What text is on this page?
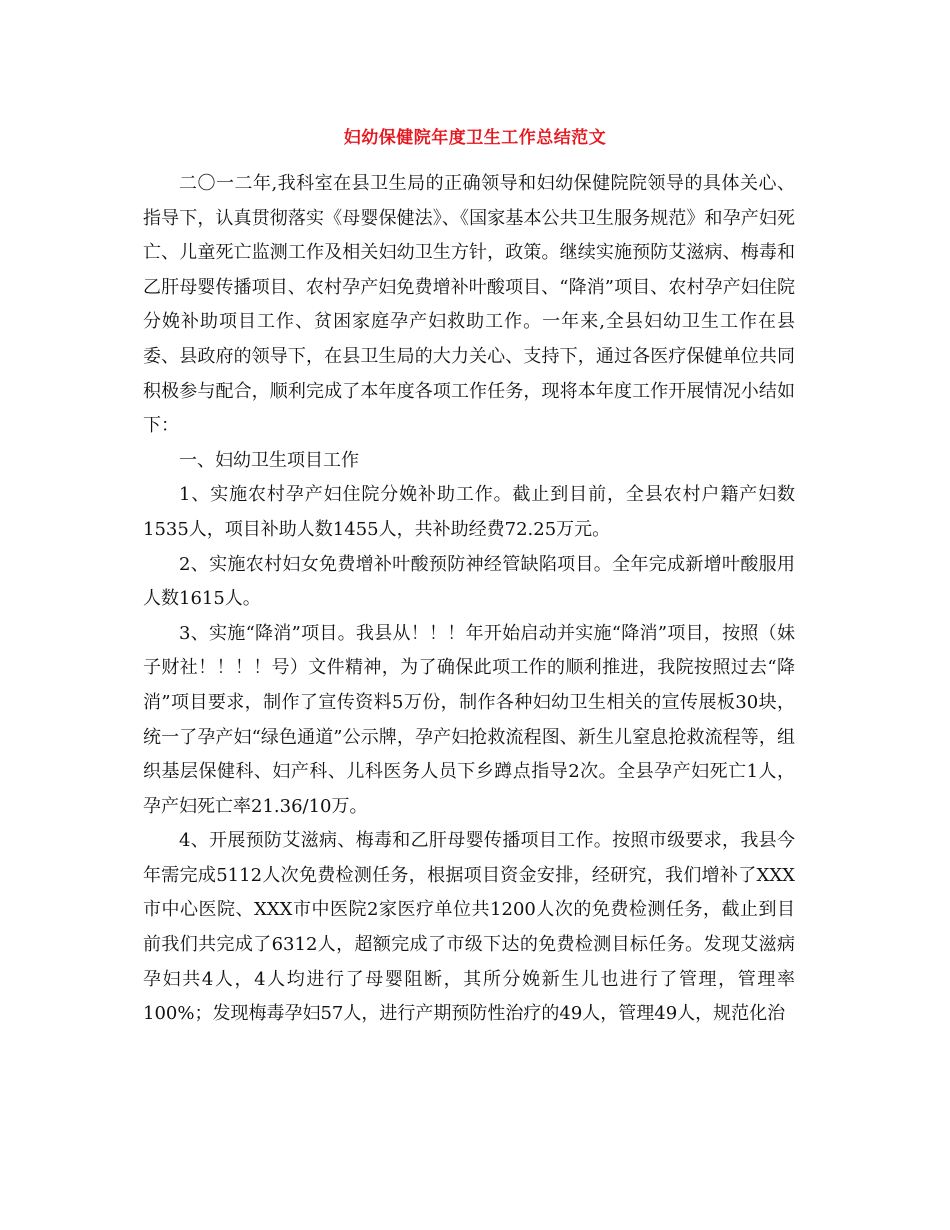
妇幼保健院年度卫生工作总结范文

二〇一二年,我科室在县卫生局的正确领导和妇幼保健院院领导的具体关心、指导下，认真贯彻落实《母婴保健法》、《国家基本公共卫生服务规范》和孕产妇死亡、儿童死亡监测工作及相关妇幼卫生方针，政策。继续实施预防艾滋病、梅毒和乙肝母婴传播项目、农村孕产妇免费增补叶酸项目、“降消”项目、农村孕产妇住院分娩补助项目工作、贫困家庭孕产妇救助工作。一年来,全县妇幼卫生工作在县委、县政府的领导下，在县卫生局的大力关心、支持下，通过各医疗保健单位共同积极参与配合，顺利完成了本年度各项工作任务，现将本年度工作开展情况小结如下：

一、妇幼卫生项目工作

1、实施农村孕产妇住院分娩补助工作。截止到目前，全县农村户籍产妇数1535人，项目补助人数1455人，共补助经费72.25万元。

2、实施农村妇女免费增补叶酸预防神经管缺陷项目。全年完成新增叶酸服用人数1615人。

3、实施“降消”项目。我县从！！！年开始启动并实施“降消”项目，按照（妹子财社！！！！号）文件精神，为了确保此项工作的顺利推进，我院按照过去“降消”项目要求，制作了宣传资料5万份，制作各种妇幼卫生相关的宣传展板30块，统一了孕产妇“绿色通道”公示牌，孕产妇抢救流程图、新生儿窒息抢救流程等，组织基层保健科、妇产科、儿科医务人员下乡蹲点指导2次。全县孕产妇死亡1人，孕产妇死亡率21.36/10万。

4、开展预防艾滋病、梅毒和乙肝母婴传播项目工作。按照市级要求，我县今年需完成5112人次免费检测任务，根据项目资金安排，经研究，我们增补了XXX市中心医院、XXX市中医院2家医疗单位共1200人次的免费检测任务，截止到目前我们共完成了6312人，超额完成了市级下达的免费检测目标任务。发现艾滋病孕妇共4人，4人均进行了母婴阻断，其所分娩新生儿也进行了管理，管理率100%；发现梅毒孕妇57人，进行产期预防性治疗的49人，管理49人，规范化治
